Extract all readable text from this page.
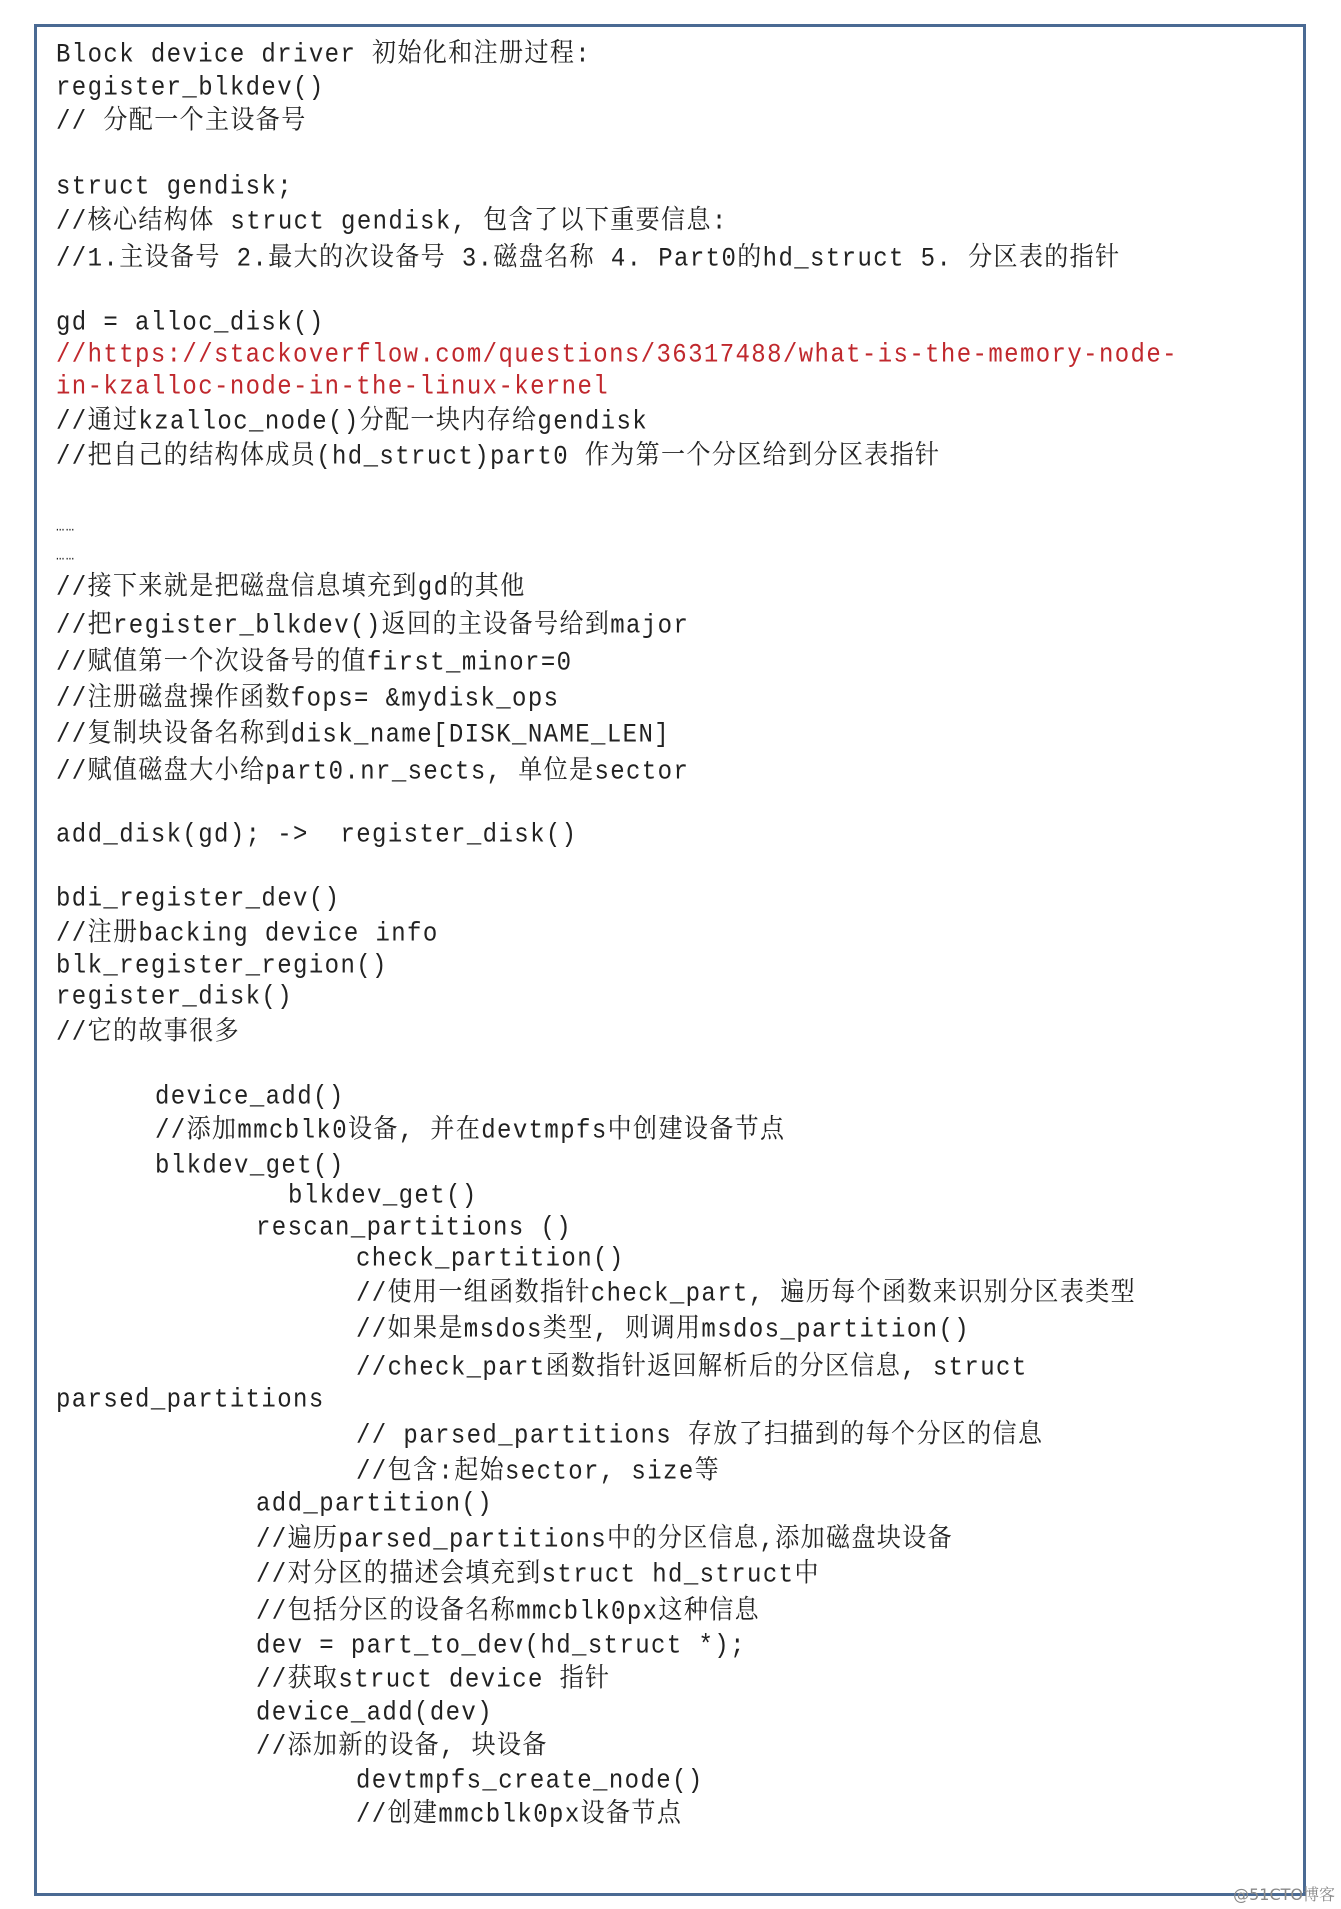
Block device driver 初始化和注册过程:
register_blkdev()
// 分配一个主设备号
struct gendisk;
//核心结构体 struct gendisk, 包含了以下重要信息:
//1.主设备号 2.最大的次设备号 3.磁盘名称 4. Part0的hd_struct 5. 分区表的指针
gd = alloc_disk()
//https://stackoverflow.com/questions/36317488/what-is-the-memory-node-
in-kzalloc-node-in-the-linux-kernel
//通过kzalloc_node()分配一块内存给gendisk
//把自己的结构体成员(hd_struct)part0 作为第一个分区给到分区表指针
……
……
//接下来就是把磁盘信息填充到gd的其他
//把register_blkdev()返回的主设备号给到major
//赋值第一个次设备号的值first_minor=0
//注册磁盘操作函数fops= &mydisk_ops
//复制块设备名称到disk_name[DISK_NAME_LEN]
//赋值磁盘大小给part0.nr_sects, 单位是sector
add_disk(gd); ->  register_disk()
bdi_register_dev()
//注册backing device info
blk_register_region()
register_disk()
//它的故事很多
device_add()
//添加mmcblk0设备, 并在devtmpfs中创建设备节点
blkdev_get()
blkdev_get()
rescan_partitions ()
check_partition()
//使用一组函数指针check_part, 遍历每个函数来识别分区表类型
//如果是msdos类型, 则调用msdos_partition()
//check_part函数指针返回解析后的分区信息, struct
parsed_partitions
// parsed_partitions 存放了扫描到的每个分区的信息
//包含:起始sector, size等
add_partition()
//遍历parsed_partitions中的分区信息,添加磁盘块设备
//对分区的描述会填充到struct hd_struct中
//包括分区的设备名称mmcblk0px这种信息
dev = part_to_dev(hd_struct *);
//获取struct device 指针
device_add(dev)
//添加新的设备, 块设备
devtmpfs_create_node()
//创建mmcblk0px设备节点
@51CTO博客
